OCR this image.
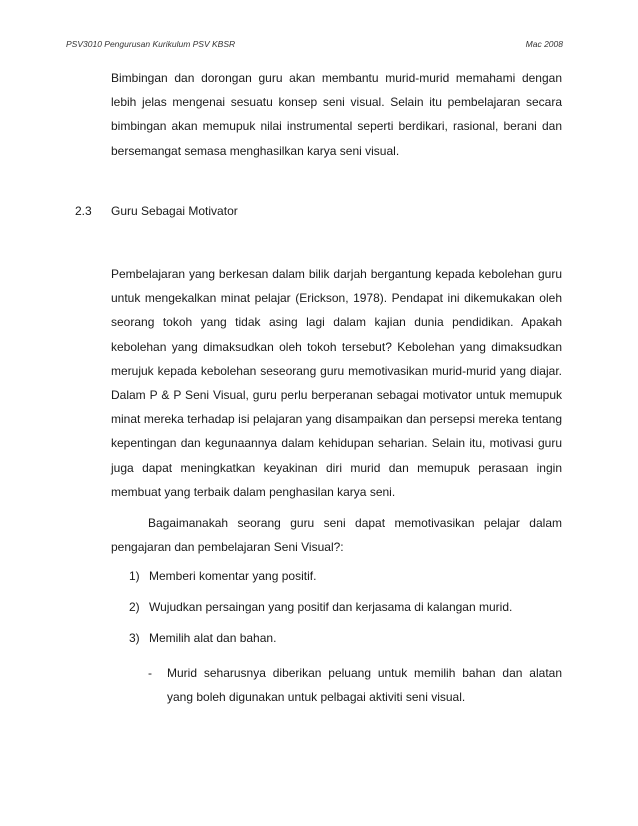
PSV3010 Pengurusan Kurikulum PSV KBSR	Mac 2008

Bimbingan dan dorongan guru akan membantu murid-murid memahami dengan lebih jelas mengenai sesuatu konsep seni visual. Selain itu pembelajaran secara bimbingan akan memupuk nilai instrumental seperti berdikari, rasional, berani dan bersemangat semasa menghasilkan karya seni visual.

2.3 Guru Sebagai Motivator

Pembelajaran yang berkesan dalam bilik darjah bergantung kepada kebolehan guru untuk mengekalkan minat pelajar (Erickson, 1978). Pendapat ini dikemukakan oleh seorang tokoh yang tidak asing lagi dalam kajian dunia pendidikan. Apakah kebolehan yang dimaksudkan oleh tokoh tersebut? Kebolehan yang dimaksudkan merujuk kepada kebolehan seseorang guru memotivasikan murid-murid yang diajar. Dalam P & P Seni Visual, guru perlu berperanan sebagai motivator untuk memupuk minat mereka terhadap isi pelajaran yang disampaikan dan persepsi mereka tentang kepentingan dan kegunaannya dalam kehidupan seharian. Selain itu, motivasi guru juga dapat meningkatkan keyakinan diri murid dan memupuk perasaan ingin membuat yang terbaik dalam penghasilan karya seni.

Bagaimanakah seorang guru seni dapat memotivasikan pelajar dalam pengajaran dan pembelajaran Seni Visual?:

1) Memberi komentar yang positif.
2) Wujudkan persaingan yang positif dan kerjasama di kalangan murid.
3) Memilih alat dan bahan.
- Murid seharusnya diberikan peluang untuk memilih bahan dan alatan yang boleh digunakan untuk pelbagai aktiviti seni visual.
